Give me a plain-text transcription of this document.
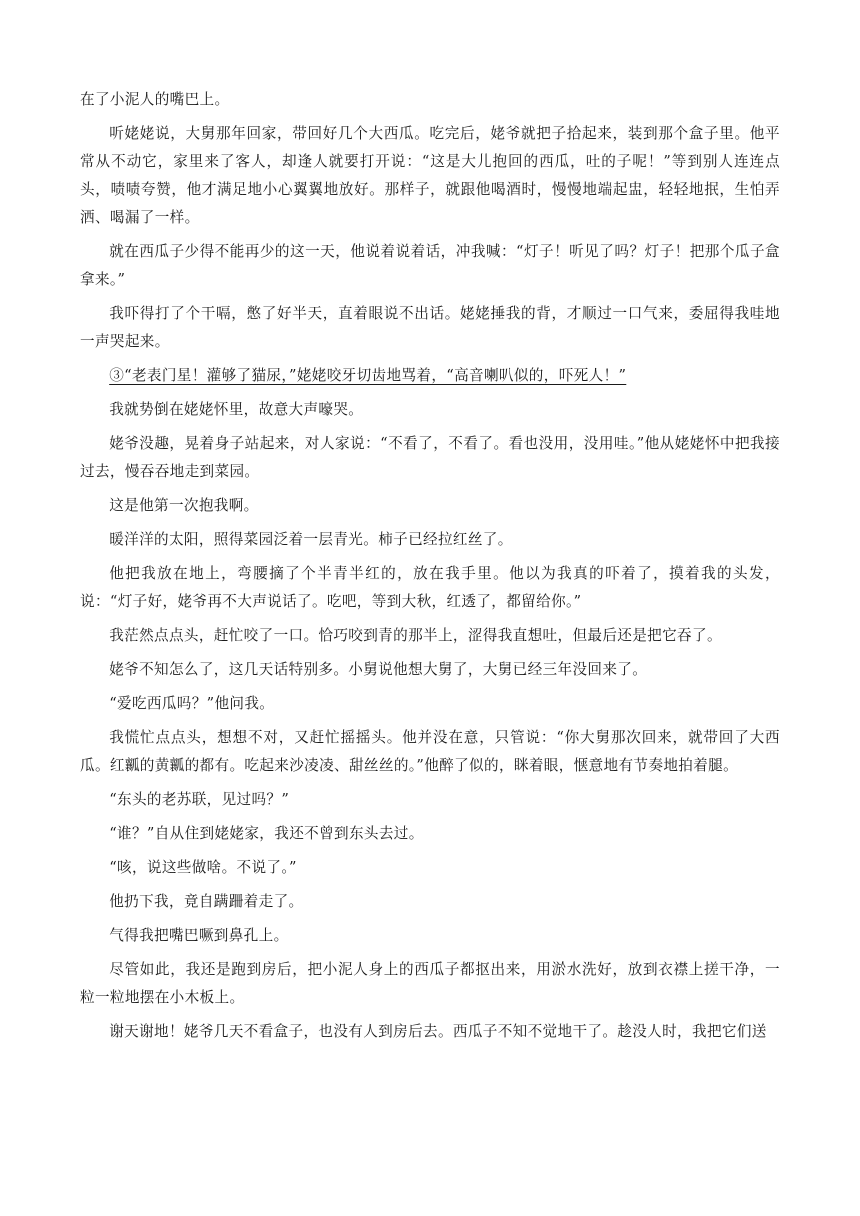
在了小泥人的嘴巴上。

听姥姥说，大舅那年回家，带回好几个大西瓜。吃完后，姥爷就把子拾起来，装到那个盒子里。他平常从不动它，家里来了客人，却逢人就要打开说：“这是大儿抱回的西瓜，吐的子呢！”等到别人连连点头，啧啧夸赞，他才满足地小心翼翼地放好。那样子，就跟他喝酒时，慢慢地端起盅，轻轻地抿，生怕弄洒、喝漏了一样。

就在西瓜子少得不能再少的这一天，他说着说着话，冲我喊：“灯子！听见了吗？灯子！把那个瓜子盒拿来。”

我吓得打了个干嗝，憋了好半天，直着眼说不出话。姥姥捶我的背，才顺过一口气来，委屈得我哇地一声哭起来。

③“老表门星！灌够了猫尿，”姥姥咬牙切齿地骂着，“高音喇叭似的，吓死人！”

我就势倒在姥姥怀里，故意大声嚎哭。

姥爷没趣，晃着身子站起来，对人家说：“不看了，不看了。看也没用，没用哇。”他从姥姥怀中把我接过去，慢吞吞地走到菜园。

这是他第一次抱我啊。

暖洋洋的太阳，照得菜园泛着一层青光。柿子已经拉红丝了。

他把我放在地上，弯腰摘了个半青半红的，放在我手里。他以为我真的吓着了，摸着我的头发，说：“灯子好，姥爷再不大声说话了。吃吧，等到大秋，红透了，都留给你。”

我茫然点点头，赶忙咬了一口。恰巧咬到青的那半上，涩得我直想吐，但最后还是把它吞了。

姥爷不知怎么了，这几天话特别多。小舅说他想大舅了，大舅已经三年没回来了。

“爱吃西瓜吗？”他问我。

我慌忙点点头，想想不对，又赶忙摇摇头。他并没在意，只管说：“你大舅那次回来，就带回了大西瓜。红瓤的黄瓤的都有。吃起来沙凌凌、甜丝丝的。”他醉了似的，眯着眼，惬意地有节奏地拍着腿。

“东头的老苏联，见过吗？”

“谁？”自从住到姥姥家，我还不曾到东头去过。

“咳，说这些做啥。不说了。”

他扔下我，竟自蹒跚着走了。

气得我把嘴巴噘到鼻孔上。

尽管如此，我还是跑到房后，把小泥人身上的西瓜子都抠出来，用淤水洗好，放到衣襟上搓干净，一粒一粒地摆在小木板上。

谢天谢地！姥爷几天不看盒子，也没有人到房后去。西瓜子不知不觉地干了。趁没人时，我把它们送
